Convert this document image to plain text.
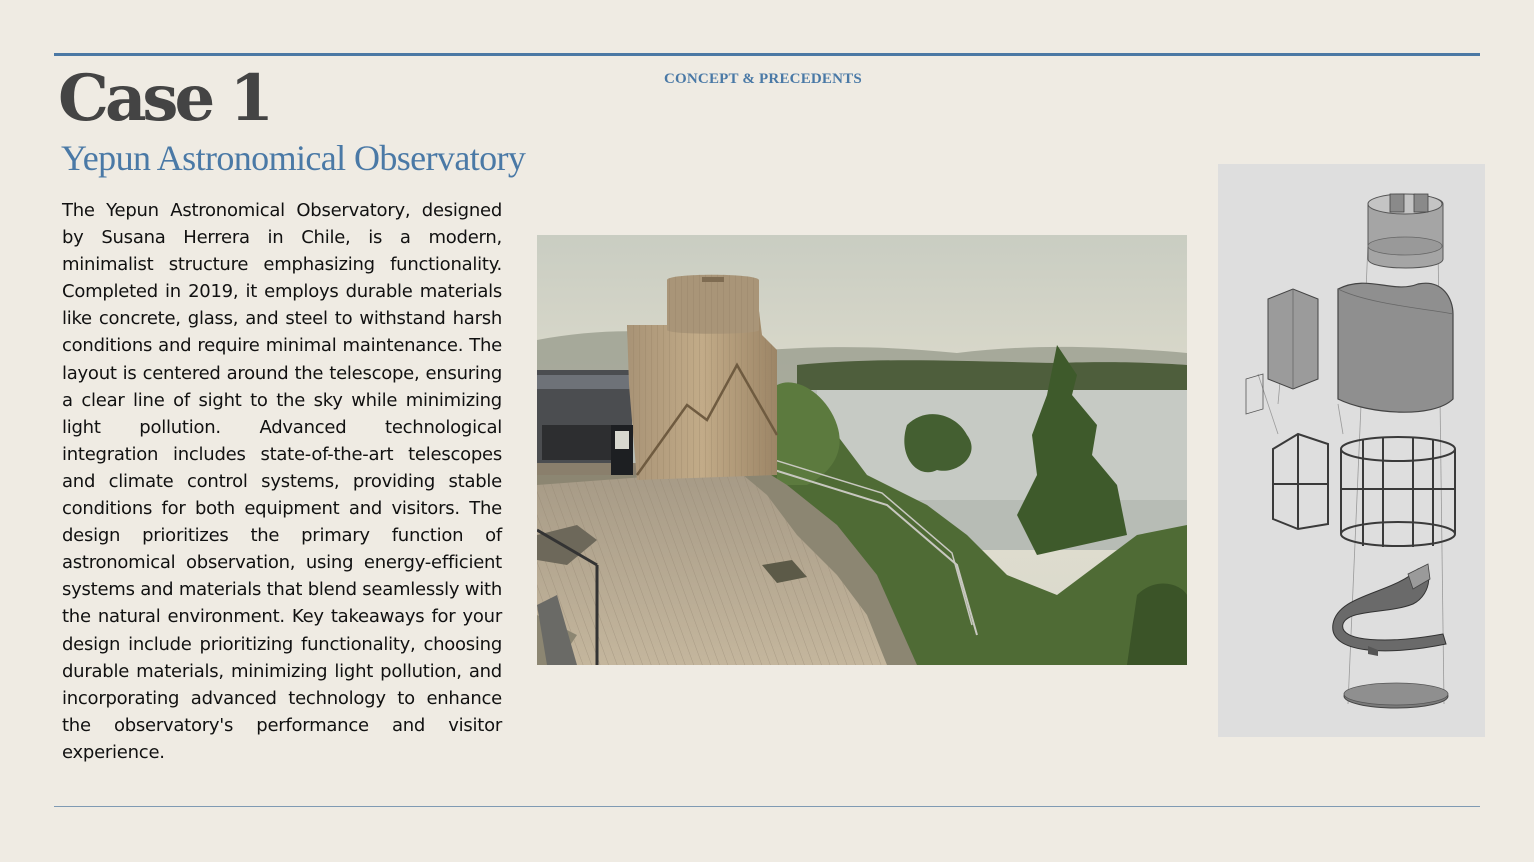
CONCEPT & PRECEDENTS
Case 1
Yepun Astronomical Observatory

The Yepun Astronomical Observatory, designed by Susana Herrera in Chile, is a modern, minimalist structure emphasizing functionality. Completed in 2019, it employs durable materials like concrete, glass, and steel to withstand harsh conditions and require minimal maintenance. The layout is centered around the telescope, ensuring a clear line of sight to the sky while minimizing light pollution. Advanced technological integration includes state-of-the-art telescopes and climate control systems, providing stable conditions for both equipment and visitors. The design prioritizes the primary function of astronomical observation, using energy-efficient systems and materials that blend seamlessly with the natural environment. Key takeaways for your design include prioritizing functionality, choosing durable materials, minimizing light pollution, and incorporating advanced technology to enhance the observatory's performance and visitor experience.
